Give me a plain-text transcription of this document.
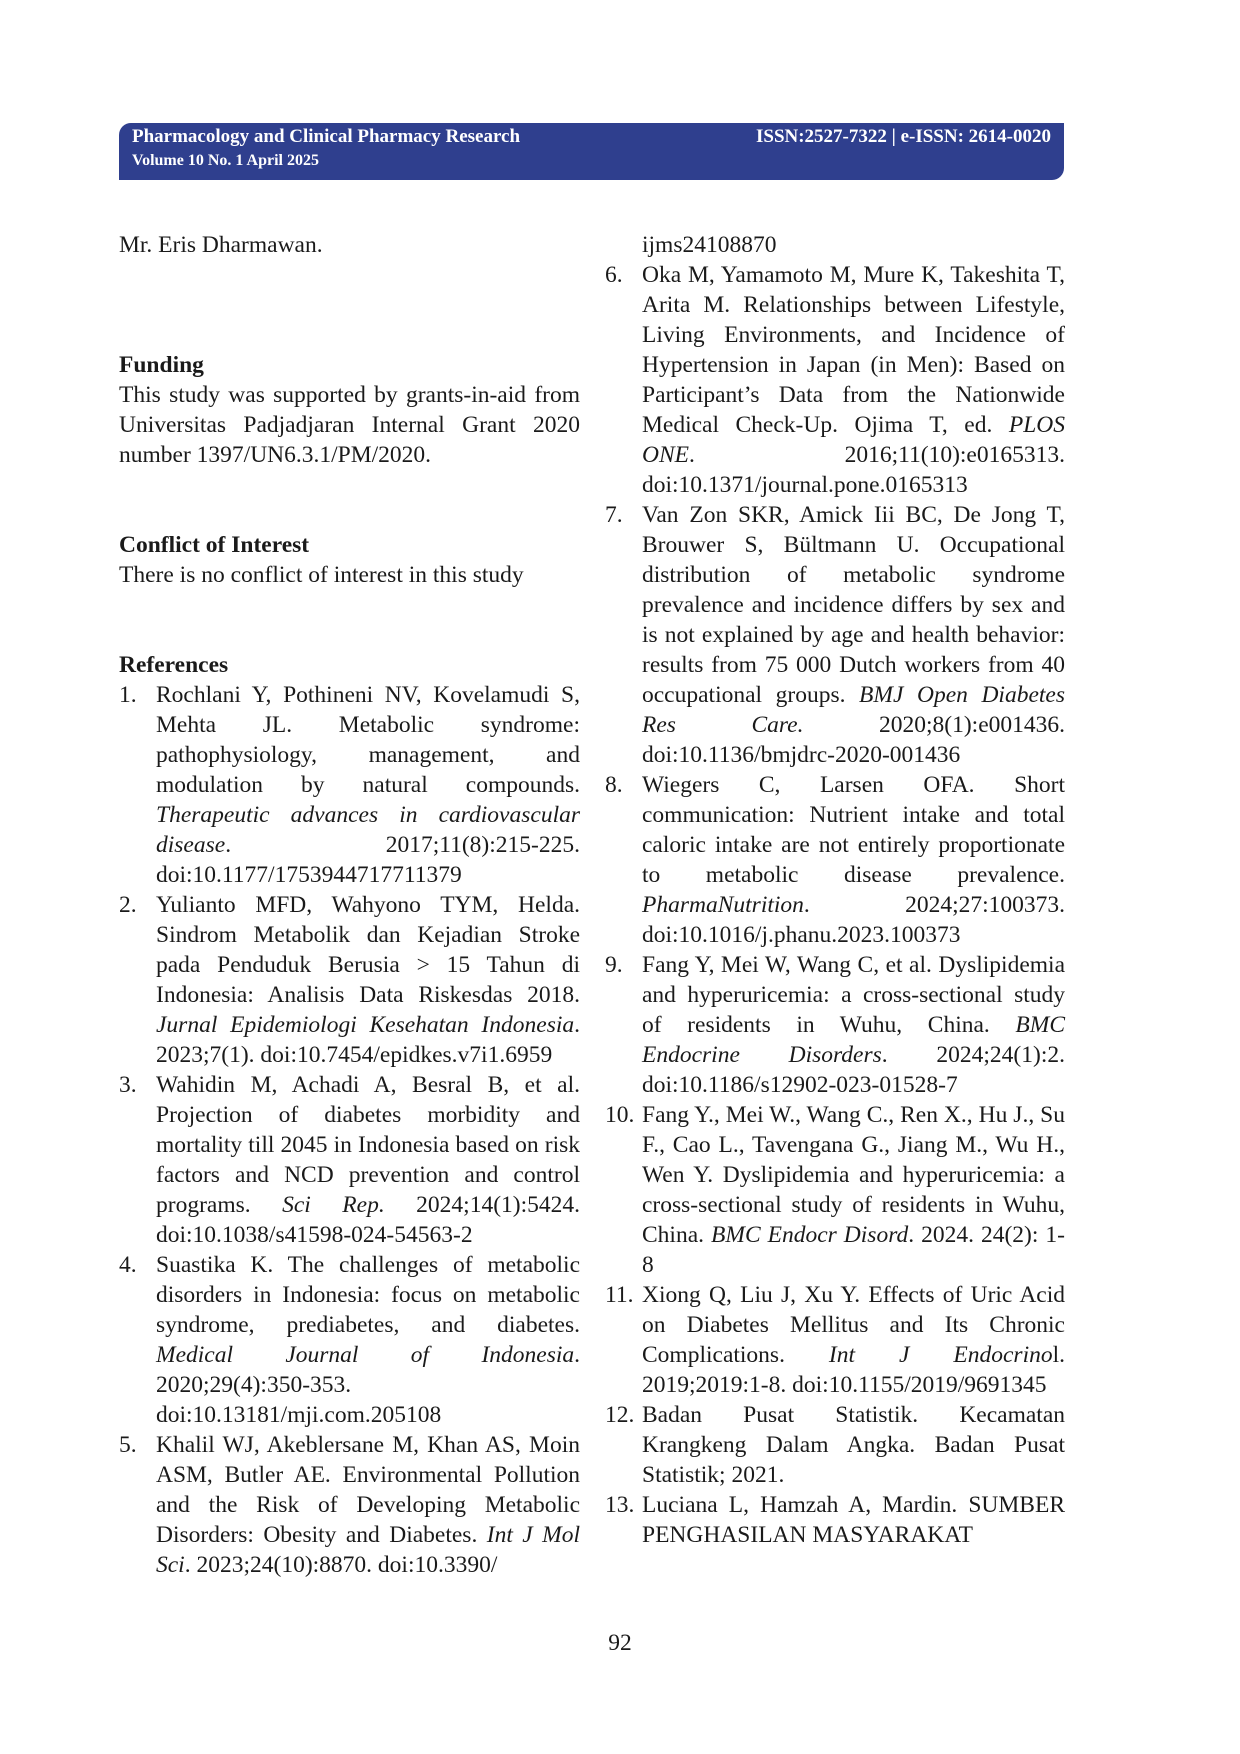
Pharmacology and Clinical Pharmacy Research
Volume 10 No. 1 April 2025
ISSN:2527-7322 | e-ISSN: 2614-0020

Mr. Eris Dharmawan.

Funding

This study was supported by grants-in-aid from Universitas Padjadjaran Internal Grant 2020 number 1397/UN6.3.1/PM/2020.

Conflict of Interest

There is no conflict of interest in this study

References

1. Rochlani Y, Pothineni NV, Kovelamudi S, Mehta JL. Metabolic syndrome: pathophysiology, management, and modulation by natural compounds. Therapeutic advances in cardiovascular disease. 2017;11(8):215-225. doi:10.1177/1753944717711379
2. Yulianto MFD, Wahyono TYM, Helda. Sindrom Metabolik dan Kejadian Stroke pada Penduduk Berusia > 15 Tahun di Indonesia: Analisis Data Riskesdas 2018. Jurnal Epidemiologi Kesehatan Indonesia. 2023;7(1). doi:10.7454/epidkes.v7i1.6959
3. Wahidin M, Achadi A, Besral B, et al. Projection of diabetes morbidity and mortality till 2045 in Indonesia based on risk factors and NCD prevention and control programs. Sci Rep. 2024;14(1):5424. doi:10.1038/s41598-024-54563-2
4. Suastika K. The challenges of metabolic disorders in Indonesia: focus on metabolic syndrome, prediabetes, and diabetes. Medical Journal of Indonesia. 2020;29(4):350-353. doi:10.13181/mji.com.205108
5. Khalil WJ, Akeblersane M, Khan AS, Moin ASM, Butler AE. Environmental Pollution and the Risk of Developing Metabolic Disorders: Obesity and Diabetes. Int J Mol Sci. 2023;24(10):8870. doi:10.3390/

ijms24108870

6. Oka M, Yamamoto M, Mure K, Takeshita T, Arita M. Relationships between Lifestyle, Living Environments, and Incidence of Hypertension in Japan (in Men): Based on Participant’s Data from the Nationwide Medical Check-Up. Ojima T, ed. PLOS ONE. 2016;11(10):e0165313. doi:10.1371/journal.pone.0165313
7. Van Zon SKR, Amick Iii BC, De Jong T, Brouwer S, Bültmann U. Occupational distribution of metabolic syndrome prevalence and incidence differs by sex and is not explained by age and health behavior: results from 75 000 Dutch workers from 40 occupational groups. BMJ Open Diabetes Res Care. 2020;8(1):e001436. doi:10.1136/bmjdrc-2020-001436
8. Wiegers C, Larsen OFA. Short communication: Nutrient intake and total caloric intake are not entirely proportionate to metabolic disease prevalence. PharmaNutrition. 2024;27:100373. doi:10.1016/j.phanu.2023.100373
9. Fang Y, Mei W, Wang C, et al. Dyslipidemia and hyperuricemia: a cross-sectional study of residents in Wuhu, China. BMC Endocrine Disorders. 2024;24(1):2. doi:10.1186/s12902-023-01528-7
10. Fang Y., Mei W., Wang C., Ren X., Hu J., Su F., Cao L., Tavengana G., Jiang M., Wu H., Wen Y. Dyslipidemia and hyperuricemia: a cross-sectional study of residents in Wuhu, China. BMC Endocr Disord. 2024. 24(2): 1-8
11. Xiong Q, Liu J, Xu Y. Effects of Uric Acid on Diabetes Mellitus and Its Chronic Complications. Int J Endocrinol. 2019;2019:1-8. doi:10.1155/2019/9691345
12. Badan Pusat Statistik. Kecamatan Krangkeng Dalam Angka. Badan Pusat Statistik; 2021.
13. Luciana L, Hamzah A, Mardin. SUMBER PENGHASILAN MASYARAKAT
92
